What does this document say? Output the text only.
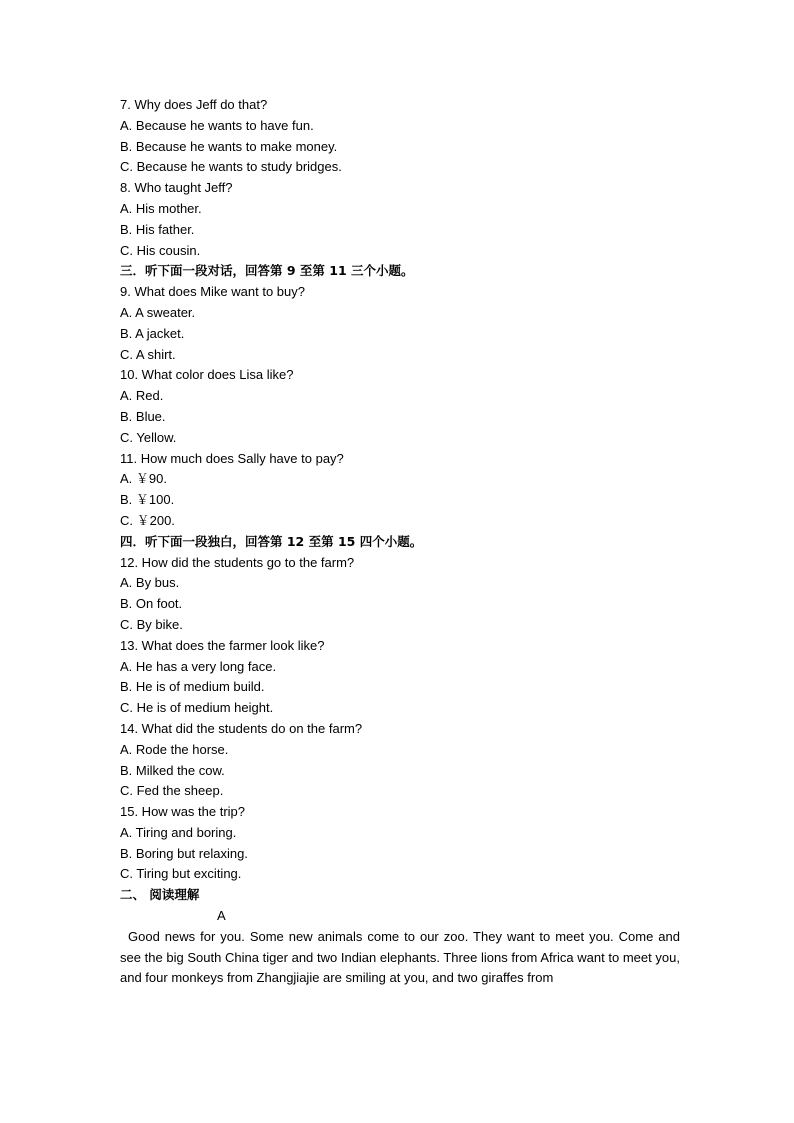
7. Why does Jeff do that?
A. Because he wants to have fun.
B. Because he wants to make money.
C. Because he wants to study bridges.
8. Who taught Jeff?
A. His mother.
B. His father.
C. His cousin.
三．听下面一段对话，回答第 9 至第 11 三个小题。
9. What does Mike want to buy?
A. A sweater.
B. A jacket.
C. A shirt.
10. What color does Lisa like?
A. Red.
B. Blue.
C. Yellow.
11. How much does Sally have to pay?
A. ￥90.
B. ￥100.
C. ￥200.
四．听下面一段独白，回答第 12 至第 15 四个小题。
12. How did the students go to the farm?
A. By bus.
B. On foot.
C. By bike.
13. What does the farmer look like?
A. He has a very long face.
B. He is of medium build.
C. He is of medium height.
14. What did the students do on the farm?
A. Rode the horse.
B. Milked the cow.
C. Fed the sheep.
15. How was the trip?
A. Tiring and boring.
B. Boring but relaxing.
C. Tiring but exciting.
二、 阅读理解
A
Good news for you. Some new animals come to our zoo. They want to meet you. Come and see the big South China tiger and two Indian elephants. Three lions from Africa want to meet you, and four monkeys from Zhangjiajie are smiling at you, and two giraffes from
